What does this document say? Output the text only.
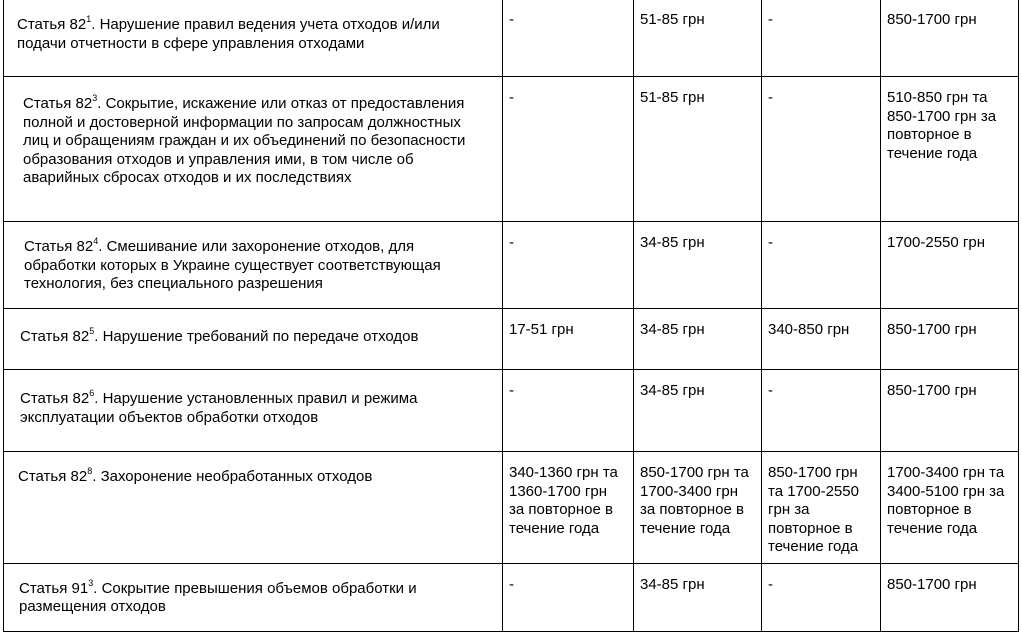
Статья $82^1$. Нарушение правил ведения учета отходов и/или подачи отчетности в сфере управления отходами	-	51-85 грн	-	850-1700 грн

Статья $82^3$. Сокрытие, искажение или отказ от предоставления полной и достоверной информации по запросам должностных лиц и обращениям граждан и их объединений по безопасности образования отходов и управления ими, в том числе об аварийных сбросах отходов и их последствиях	-	51-85 грн	-	510-850 грн та 850-1700 грн за повторное в течение года

Статья $82^4$. Смешивание или захоронение отходов, для обработки которых в Украине существует соответствующая технология, без специального разрешения	-	34-85 грн	-	1700-2550 грн

Статья $82^5$. Нарушение требований по передаче отходов	17-51 грн	34-85 грн	340-850 грн	850-1700 грн

Статья $82^6$. Нарушение установленных правил и режима эксплуатации объектов обработки отходов	-	34-85 грн	-	850-1700 грн

Статья $82^8$. Захоронение необработанных отходов	340-1360 грн та 1360-1700 грн за повторное в течение года	850-1700 грн та 1700-3400 грн за повторное в течение года	850-1700 грн та 1700-2550 грн за повторное в течение года	1700-3400 грн та 3400-5100 грн за повторное в течение года

Статья $91^3$. Сокрытие превышения объемов обработки и размещения отходов	-	34-85 грн	-	850-1700 грн
